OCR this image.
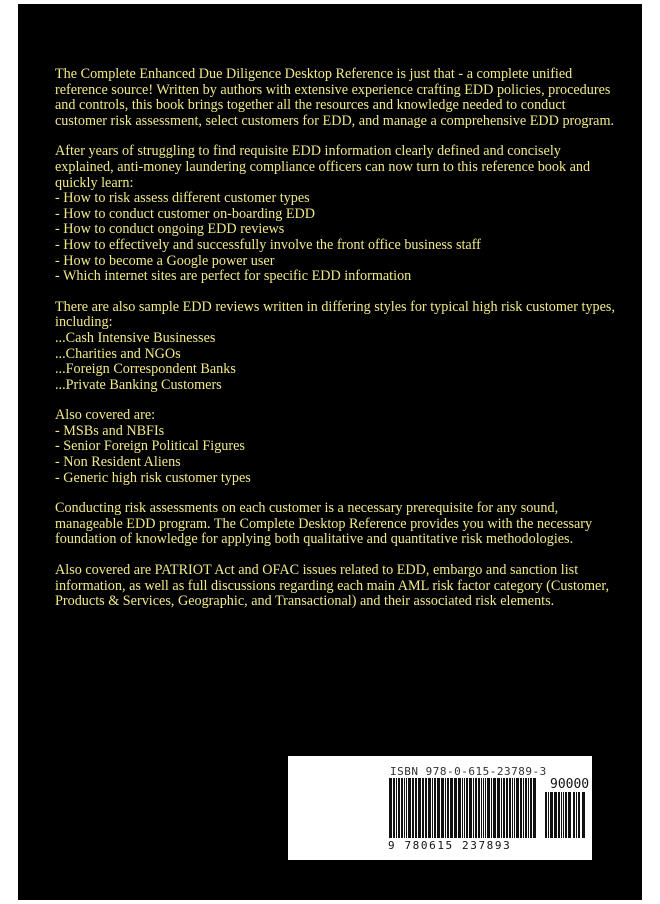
The Complete Enhanced Due Diligence Desktop Reference is just that - a complete unified reference source! Written by authors with extensive experience crafting EDD policies, procedures and controls, this book brings together all the resources and knowledge needed to conduct customer risk assessment, select customers for EDD, and manage a comprehensive EDD program.

After years of struggling to find requisite EDD information clearly defined and concisely explained, anti-money laundering compliance officers can now turn to this reference book and quickly learn:

- How to risk assess different customer types
- How to conduct customer on-boarding EDD
- How to conduct ongoing EDD reviews
- How to effectively and successfully involve the front office business staff
- How to become a Google power user
- Which internet sites are perfect for specific EDD information

There are also sample EDD reviews written in differing styles for typical high risk customer types, including:

...Cash Intensive Businesses
...Charities and NGOs
...Foreign Correspondent Banks
...Private Banking Customers

Also covered are:

- MSBs and NBFIs
- Senior Foreign Political Figures
- Non Resident Aliens
- Generic high risk customer types

Conducting risk assessments on each customer is a necessary prerequisite for any sound, manageable EDD program. The Complete Desktop Reference provides you with the necessary foundation of knowledge for applying both qualitative and quantitative risk methodologies.

Also covered are PATRIOT Act and OFAC issues related to EDD, embargo and sanction list information, as well as full discussions regarding each main AML risk factor category (Customer, Products & Services, Geographic, and Transactional) and their associated risk elements.

ISBN 978-0-615-23789-3
90000
9 780615 237893
